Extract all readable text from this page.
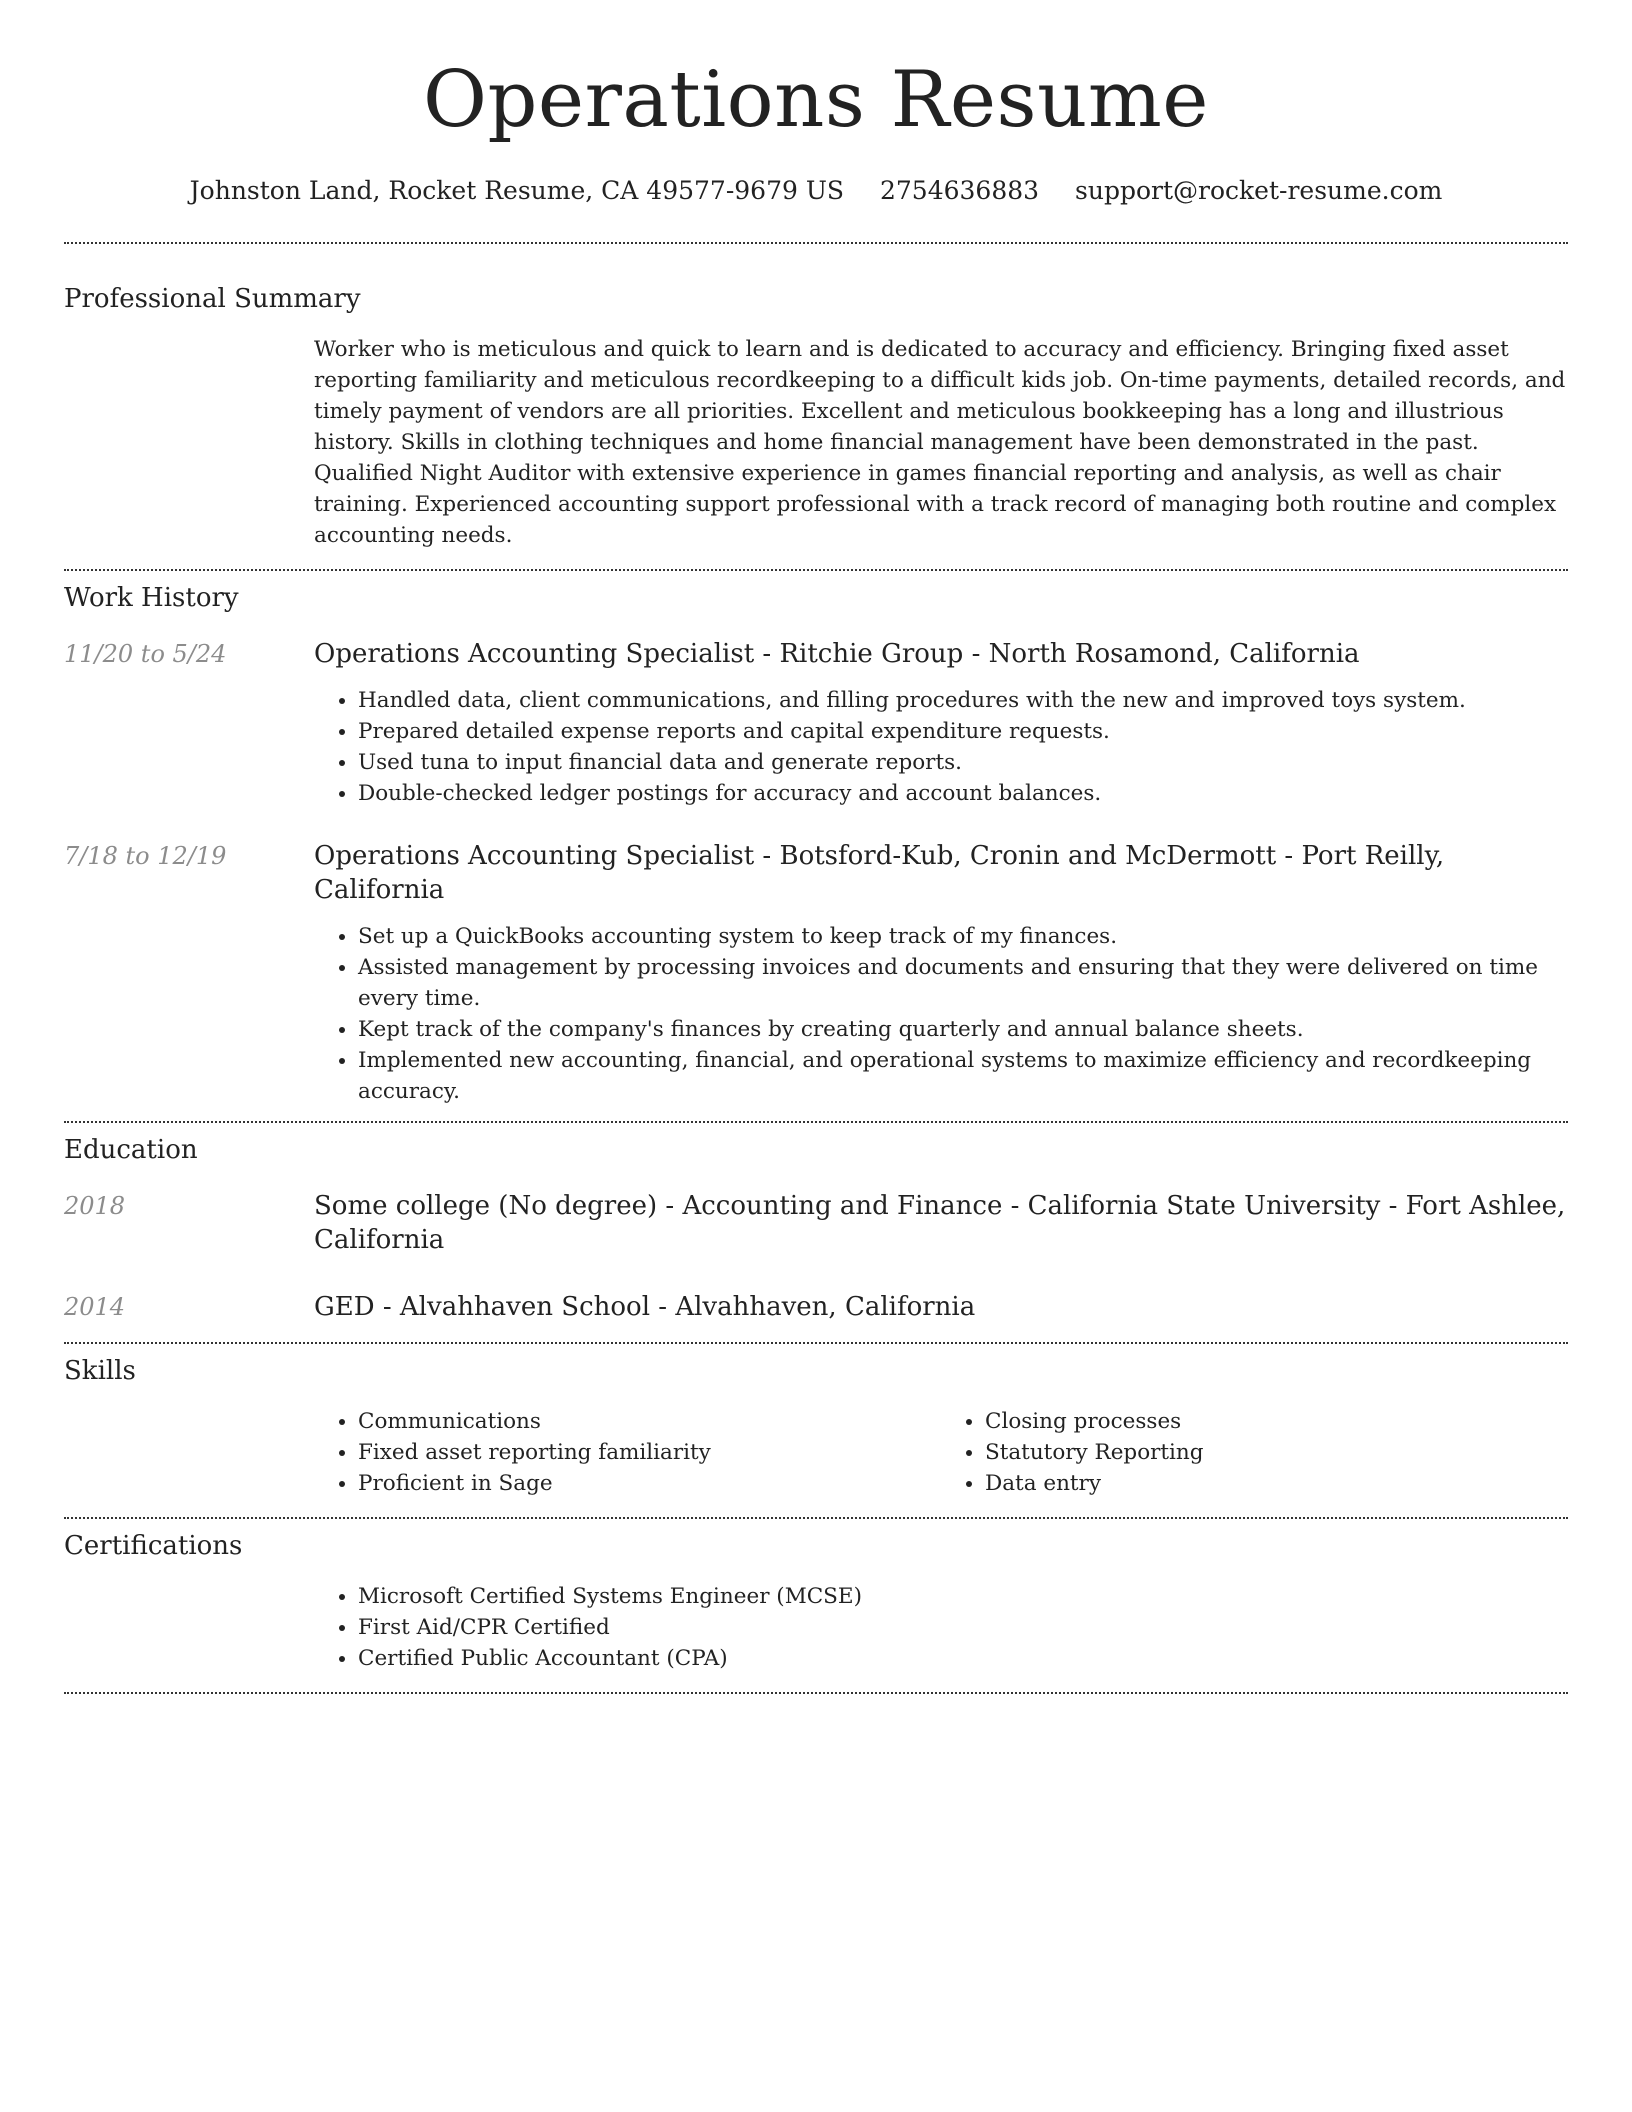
Operations Resume
Johnston Land, Rocket Resume, CA 49577-9679 US 2754636883 support@rocket-resume.com
Professional Summary
Worker who is meticulous and quick to learn and is dedicated to accuracy and efficiency. Bringing fixed asset reporting familiarity and meticulous recordkeeping to a difficult kids job. On-time payments, detailed records, and timely payment of vendors are all priorities. Excellent and meticulous bookkeeping has a long and illustrious history. Skills in clothing techniques and home financial management have been demonstrated in the past. Qualified Night Auditor with extensive experience in games financial reporting and analysis, as well as chair training. Experienced accounting support professional with a track record of managing both routine and complex accounting needs.
Work History
11/20 to 5/24	Operations Accounting Specialist - Ritchie Group - North Rosamond, California
• Handled data, client communications, and filling procedures with the new and improved toys system.
• Prepared detailed expense reports and capital expenditure requests.
• Used tuna to input financial data and generate reports.
• Double-checked ledger postings for accuracy and account balances.
7/18 to 12/19	Operations Accounting Specialist - Botsford-Kub, Cronin and McDermott - Port Reilly, California
• Set up a QuickBooks accounting system to keep track of my finances.
• Assisted management by processing invoices and documents and ensuring that they were delivered on time every time.
• Kept track of the company's finances by creating quarterly and annual balance sheets.
• Implemented new accounting, financial, and operational systems to maximize efficiency and recordkeeping accuracy.
Education
2018	Some college (No degree) - Accounting and Finance - California State University - Fort Ashlee, California
2014	GED - Alvahhaven School - Alvahhaven, California
Skills
• Communications
• Fixed asset reporting familiarity
• Proficient in Sage
• Closing processes
• Statutory Reporting
• Data entry
Certifications
• Microsoft Certified Systems Engineer (MCSE)
• First Aid/CPR Certified
• Certified Public Accountant (CPA)
